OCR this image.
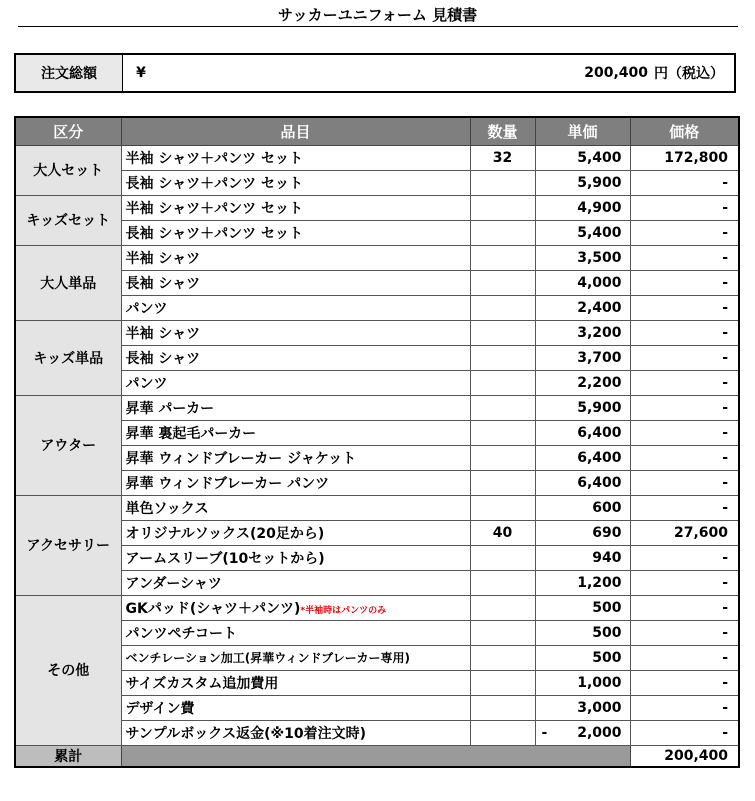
サッカーユニフォーム 見積書
注文総額	¥	200,400 円（税込）
区分	品目	数量	単価	価格
大人セット	半袖 シャツ＋パンツ セット	32	5,400	172,800
	長袖 シャツ＋パンツ セット		5,900	-
キッズセット	半袖 シャツ＋パンツ セット		4,900	-
	長袖 シャツ＋パンツ セット		5,400	-
大人単品	半袖 シャツ		3,500	-
	長袖 シャツ		4,000	-
	パンツ		2,400	-
キッズ単品	半袖 シャツ		3,200	-
	長袖 シャツ		3,700	-
	パンツ		2,200	-
アウター	昇華 パーカー		5,900	-
	昇華 裏起毛パーカー		6,400	-
	昇華 ウィンドブレーカー ジャケット		6,400	-
	昇華 ウィンドブレーカー パンツ		6,400	-
アクセサリー	単色ソックス		600	-
	オリジナルソックス(20足から)	40	690	27,600
	アームスリーブ(10セットから)		940	-
	アンダーシャツ		1,200	-
その他	GKパッド(シャツ＋パンツ)*半袖時はパンツのみ		500	-
	パンツペチコート		500	-
	ベンチレーション加工(昇華ウィンドブレーカー専用)		500	-
	サイズカスタム追加費用		1,000	-
	デザイン費		3,000	-
	サンプルボックス返金(※10着注文時)		- 2,000	-
累計				200,400
